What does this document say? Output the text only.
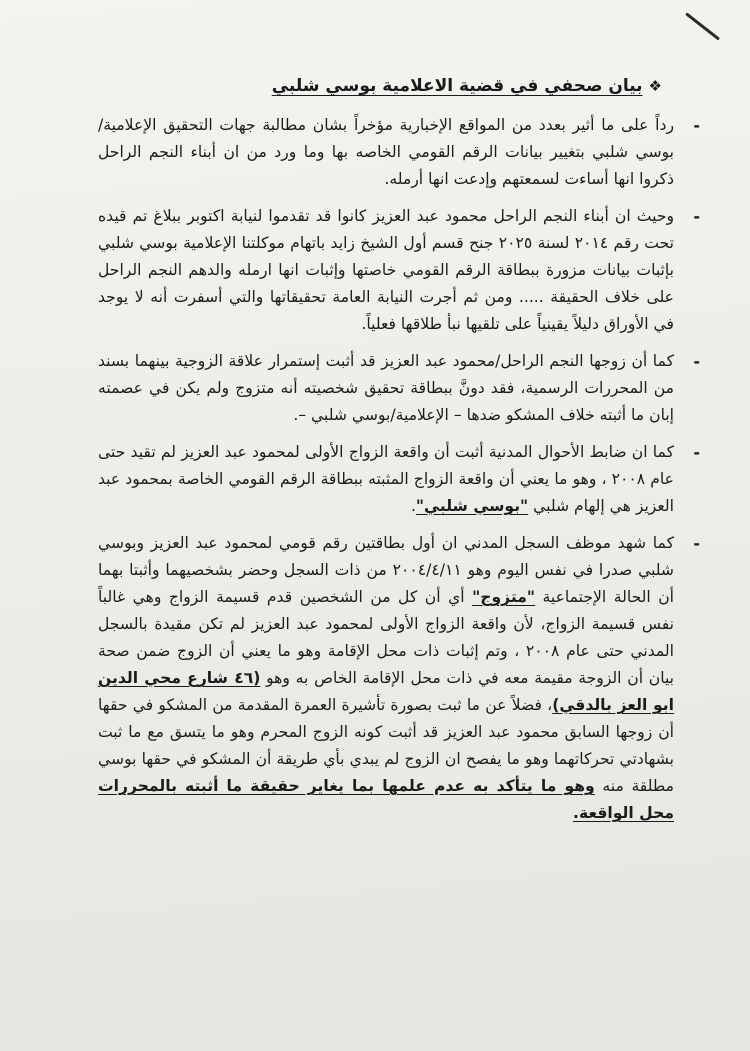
❖بيان صحفي في قضية الاعلامية بوسي شلبي
-
رداً على ما أثير بعدد من المواقع الإخبارية مؤخراً بشان مطالبة جهات التحقيق الإعلامية/بوسي شلبي بتغيير بيانات الرقم القومي الخاصه بها وما ورد من ان أبناء النجم الراحل ذكروا انها أساءت لسمعتهم وإدعت انها أرمله.
-
وحيث ان أبناء النجم الراحل محمود عبد العزيز كانوا قد تقدموا لنيابة اكتوبر ببلاغ تم قيده تحت رقم ٢٠١٤ لسنة ٢٠٢٥ جنح قسم أول الشيخ زايد باتهام موكلتنا الإعلامية بوسي شلبي بإثبات بيانات مزورة ببطاقة الرقم القومي خاصتها وإثبات انها ارمله والدهم النجم الراحل على خلاف الحقيقة ..... ومن ثم أجرت النيابة العامة تحقيقاتها والتي أسفرت أنه لا يوجد في الأوراق دليلاً يقينياً على تلقيها نبأ طلاقها فعلياً.
-
كما أن زوجها النجم الراحل/محمود عبد العزيز قد أثبت إستمرار علاقة الزوجية بينهما بسند من المحررات الرسمية، فقد دونَّ ببطاقة تحقيق شخصيته أنه متزوج ولم يكن في عصمته إبان ما أثبته خلاف المشكو ضدها – الإعلامية/بوسي شلبي –.
-
كما ان ضابط الأحوال المدنية أثبت أن واقعة الزواج الأولى لمحمود عبد العزيز لم تقيد حتى عام ٢٠٠٨ ، وهو ما يعني أن واقعة الزواج المثبته ببطاقة الرقم القومي الخاصة بمحمود عبد العزيز هي إلهام شلبي "بوسي شلبي".
-
كما شهد موظف السجل المدني ان أول بطاقتين رقم قومي لمحمود عبد العزيز وبوسي شلبي صدرا في نفس اليوم وهو ٢٠٠٤/٤/١١ من ذات السجل وحضر بشخصيهما وأثبتا بهما أن الحالة الإجتماعية "متزوج" أي أن كل من الشخصين قدم قسيمة الزواج وهي غالباً نفس قسيمة الزواج، لأن واقعة الزواج الأولى لمحمود عبد العزيز لم تكن مقيدة بالسجل المدني حتى عام ٢٠٠٨ ، وتم إثبات ذات محل الإقامة وهو ما يعني أن الزوج ضمن صحة بيان أن الزوجة مقيمة معه في ذات محل الإقامة الخاص به وهو (٤٦ شارع محي الدين ابو العز بالدقي)، فضلاً عن ما ثبت بصورة تأشيرة العمرة المقدمة من المشكو في حقها أن زوجها السابق محمود عبد العزيز قد أثبت كونه الزوج المحرم وهو ما يتسق مع ما ثبت بشهادتي تحركاتهما وهو ما يفصح ان الزوج لم يبدي بأي طريقة أن المشكو في حقها بوسي مطلقة منه وهو ما يتأكد به عدم علمها بما يغاير حقيقة ما أثبته بالمحررات محل الواقعة.
